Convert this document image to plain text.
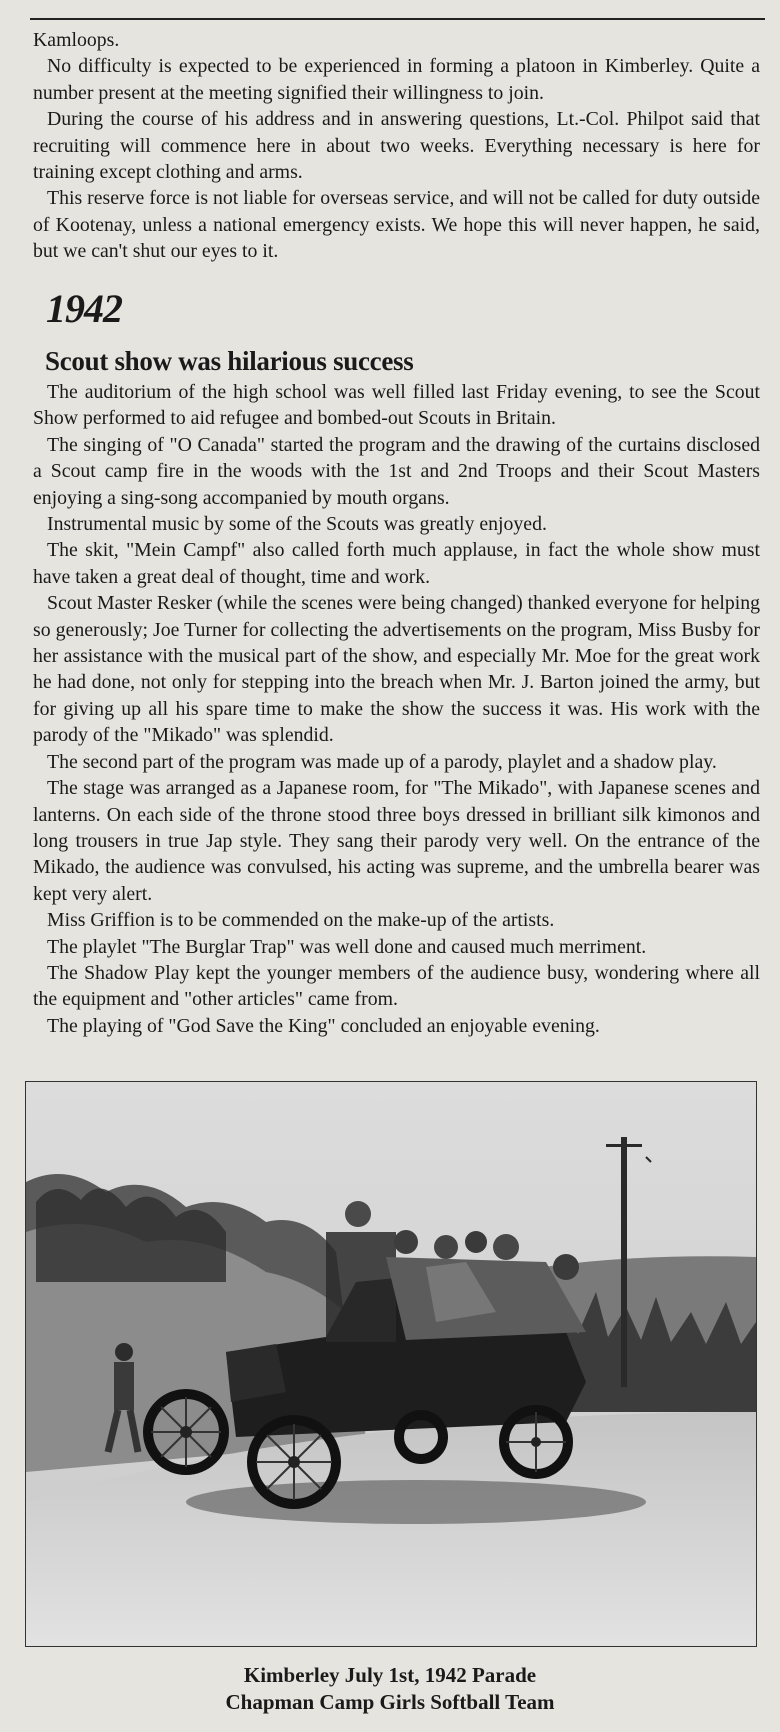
Kamloops.

No difficulty is expected to be experienced in forming a platoon in Kimberley. Quite a number present at the meeting signified their willingness to join.

During the course of his address and in answering questions, Lt.-Col. Philpot said that recruiting will commence here in about two weeks. Everything necessary is here for training except clothing and arms.

This reserve force is not liable for overseas service, and will not be called for duty outside of Kootenay, unless a national emergency exists. We hope this will never happen, he said, but we can't shut our eyes to it.

1942
Scout show was hilarious success

The auditorium of the high school was well filled last Friday evening, to see the Scout Show performed to aid refugee and bombed-out Scouts in Britain.

The singing of "O Canada" started the program and the drawing of the curtains disclosed a Scout camp fire in the woods with the 1st and 2nd Troops and their Scout Masters enjoying a sing-song accompanied by mouth organs.

Instrumental music by some of the Scouts was greatly enjoyed.

The skit, "Mein Campf" also called forth much applause, in fact the whole show must have taken a great deal of thought, time and work.

Scout Master Resker (while the scenes were being changed) thanked everyone for helping so generously; Joe Turner for collecting the advertisements on the program, Miss Busby for her assistance with the musical part of the show, and especially Mr. Moe for the great work he had done, not only for stepping into the breach when Mr. J. Barton joined the army, but for giving up all his spare time to make the show the success it was. His work with the parody of the "Mikado" was splendid.

The second part of the program was made up of a parody, playlet and a shadow play.

The stage was arranged as a Japanese room, for "The Mikado", with Japanese scenes and lanterns. On each side of the throne stood three boys dressed in brilliant silk kimonos and long trousers in true Jap style. They sang their parody very well. On the entrance of the Mikado, the audience was convulsed, his acting was supreme, and the umbrella bearer was kept very alert.

Miss Griffion is to be commended on the make-up of the artists.

The playlet "The Burglar Trap" was well done and caused much merriment.

The Shadow Play kept the younger members of the audience busy, wondering where all the equipment and "other articles" came from.

The playing of "God Save the King" concluded an enjoyable evening.

Kimberley July 1st, 1942 Parade
Chapman Camp Girls Softball Team
